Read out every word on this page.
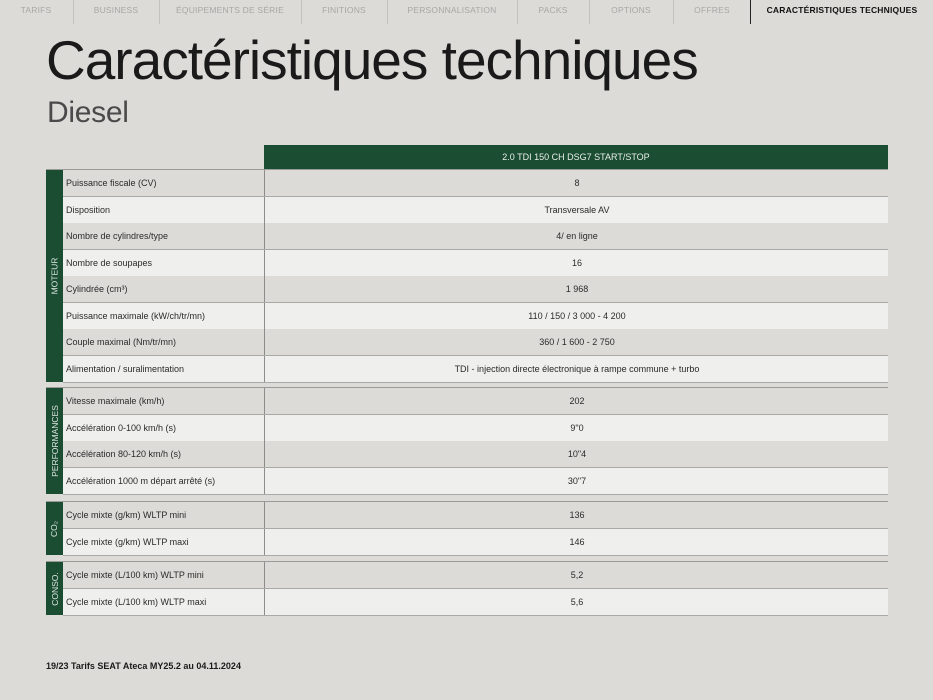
TARIFS	BUSINESS	ÉQUIPEMENTS DE SÉRIE	FINITIONS	PERSONNALISATION	PACKS	OPTIONS	OFFRES	CARACTÉRISTIQUES TECHNIQUES
Caractéristiques techniques
Diesel
2.0 TDI 150 CH DSG7 START/STOP
MOTEUR
Puissance fiscale (CV)	8
Disposition	Transversale AV
Nombre de cylindres/type	4/ en ligne
Nombre de soupapes	16
Cylindrée (cm³)	1 968
Puissance maximale (kW/ch/tr/mn)	110 / 150 / 3 000 - 4 200
Couple maximal (Nm/tr/mn)	360 / 1 600 - 2 750
Alimentation / suralimentation	TDI - injection directe électronique à rampe commune + turbo
PERFORMANCES
Vitesse maximale (km/h)	202
Accélération 0-100 km/h (s)	9"0
Accélération 80-120 km/h (s)	10"4
Accélération 1000 m départ arrêté (s)	30"7
CO₂
Cycle mixte (g/km) WLTP mini	136
Cycle mixte (g/km) WLTP maxi	146
CONSO. Cycle mixte (L/100 km) WLTP mini	5,2
Cycle mixte (L/100 km) WLTP maxi	5,6
19/23 Tarifs SEAT Ateca MY25.2 au 04.11.2024
